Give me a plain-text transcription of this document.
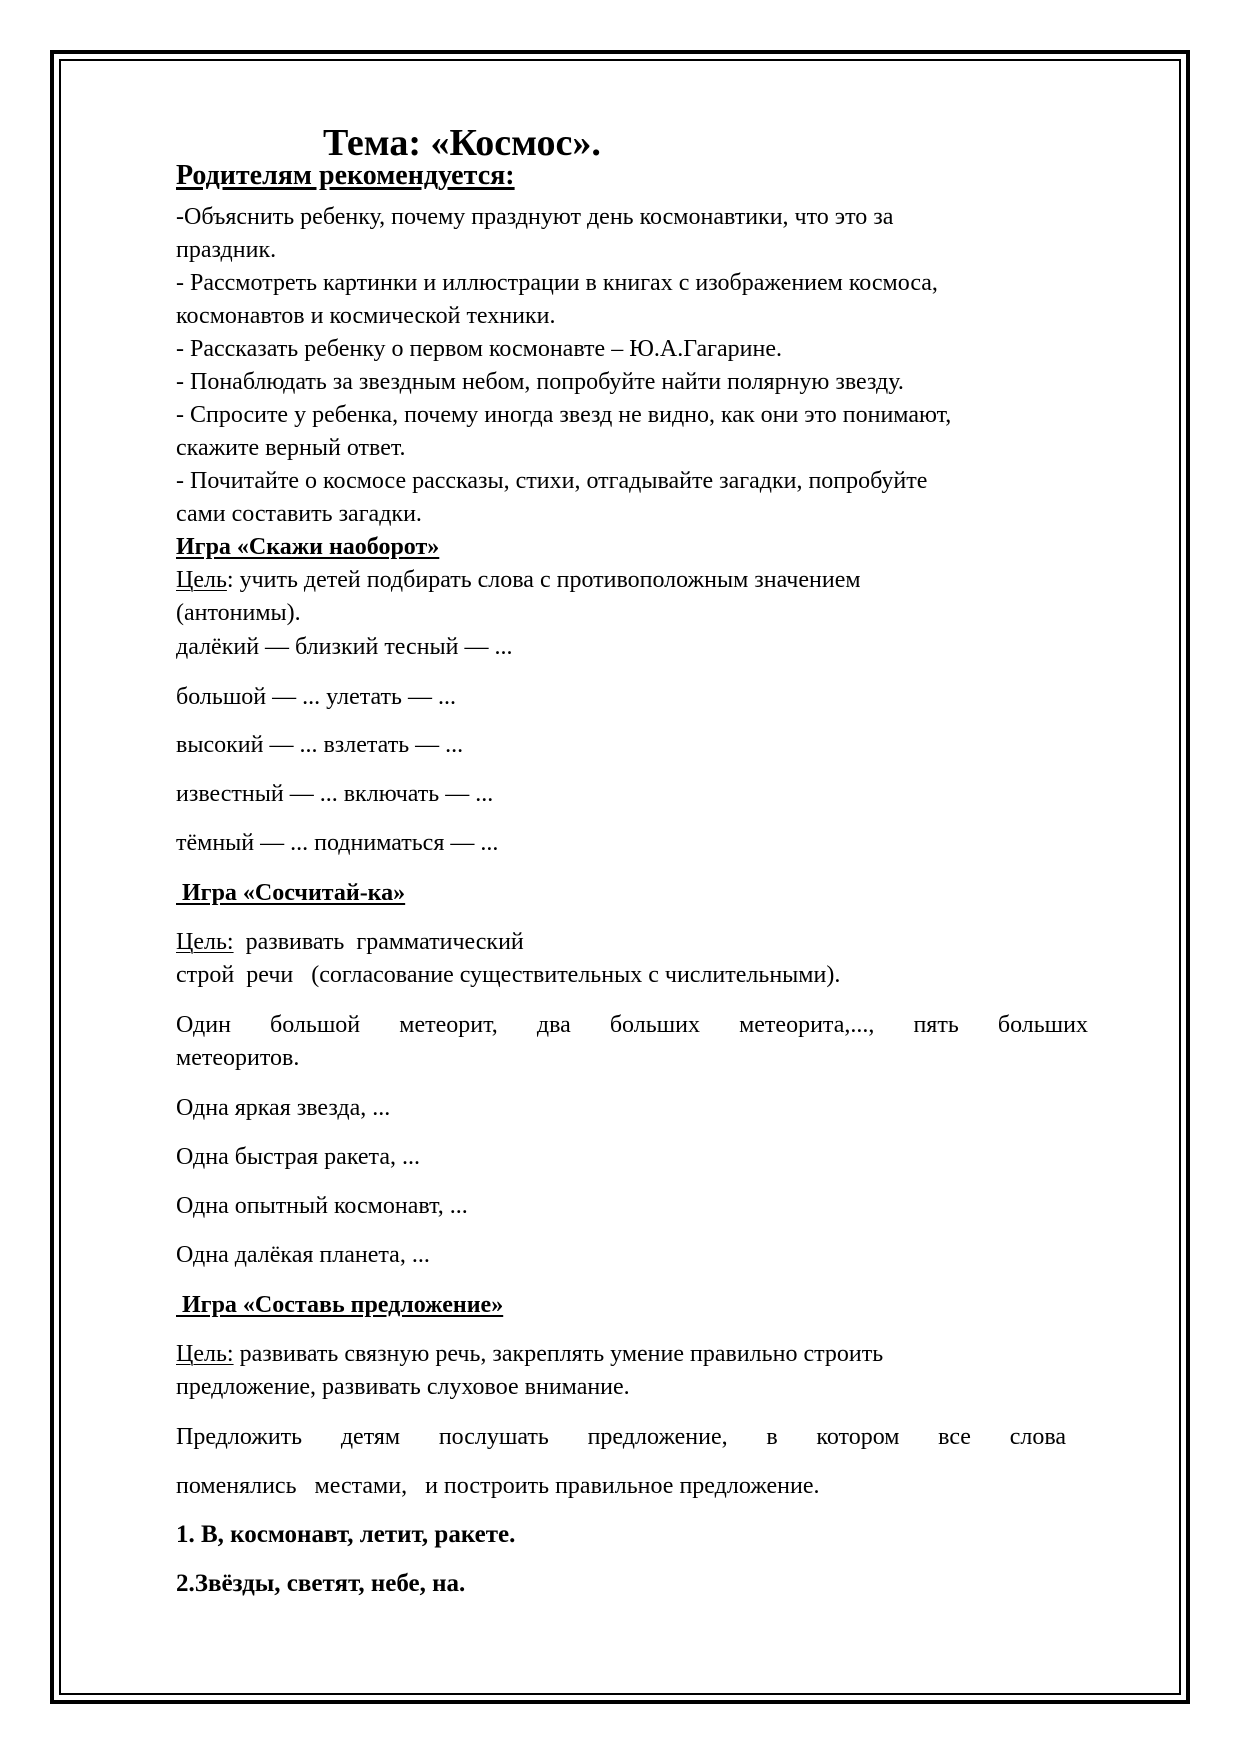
Тема: «Космос».
Родителям рекомендуется:
-Объяснить ребенку, почему празднуют день космонавтики, что это за
праздник.
- Рассмотреть картинки и иллюстрации в книгах с изображением космоса,
космонавтов и космической техники.
- Рассказать ребенку о первом космонавте – Ю.А.Гагарине.
- Понаблюдать за звездным небом, попробуйте найти полярную звезду.
- Спросите у ребенка, почему иногда звезд не видно, как они это понимают,
скажите верный ответ.
- Почитайте о космосе рассказы, стихи, отгадывайте загадки, попробуйте
сами составить загадки.
Игра «Скажи наоборот»
Цель: учить детей подбирать слова с противоположным значением
(антонимы).
далёкий — близкий тесный — ...
большой — ... улетать — ...
высокий — ... взлетать — ...
известный — ... включать — ...
тёмный — ... подниматься — ...
Игра «Сосчитай-ка»
Цель:  развивать  грамматический
строй  речи   (согласование существительных с числительными).
Один большой метеорит, два больших метеорита,..., пять больших
метеоритов.
Одна яркая звезда, ...
Одна быстрая ракета, ...
Одна опытный космонавт, ...
Одна далёкая планета, ...
Игра «Составь предложение»
Цель: развивать связную речь, закреплять умение правильно строить
предложение, развивать слуховое внимание.
Предложить детям послушать предложение, в котором все слова
поменялись   местами,   и построить правильное предложение.
1. В, космонавт, летит, ракете.
2.Звёзды, светят, небе, на.
